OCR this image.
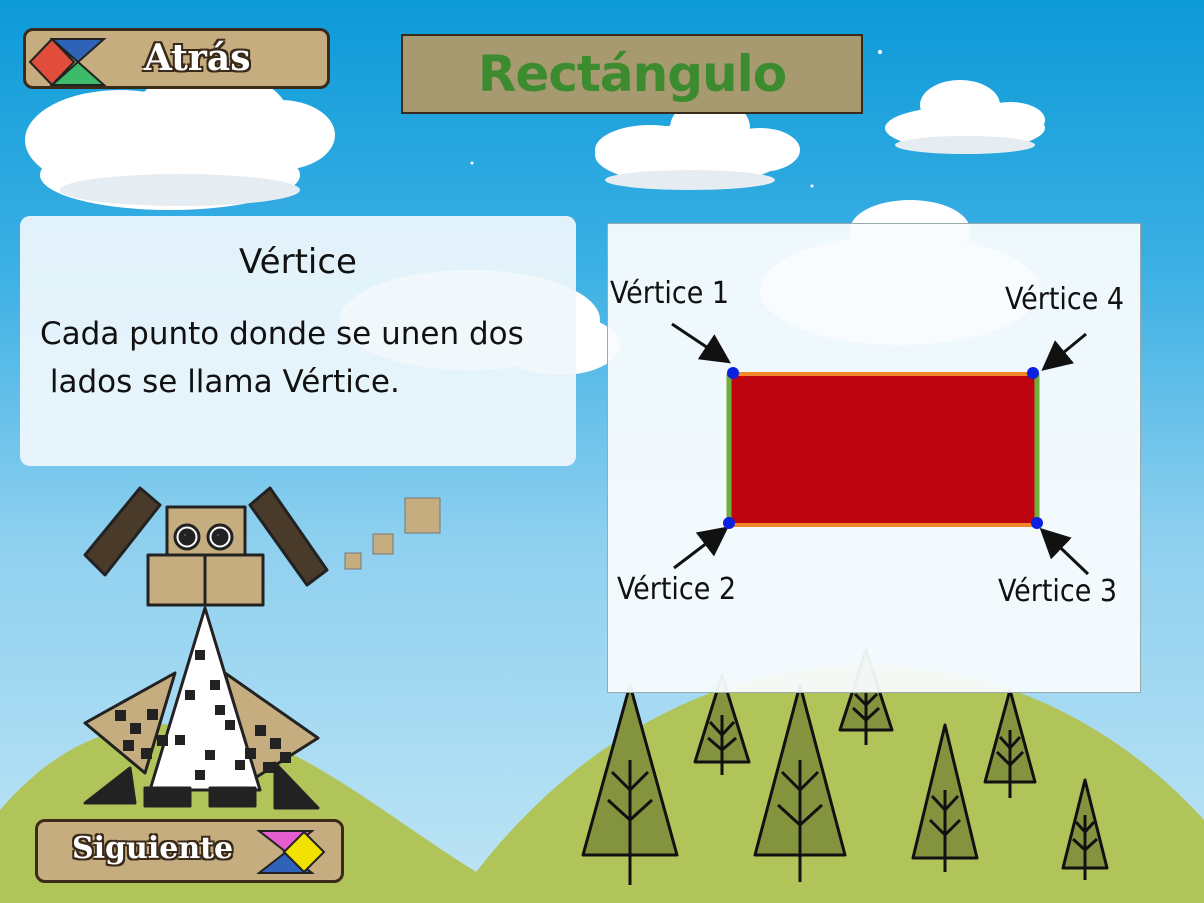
Atrás	Rectángulo
Vértice
Cada punto donde se unen dos
lados se llama Vértice.
Vértice 1
Vértice 2	Vértice 3
Vértice 4
Siguiente
